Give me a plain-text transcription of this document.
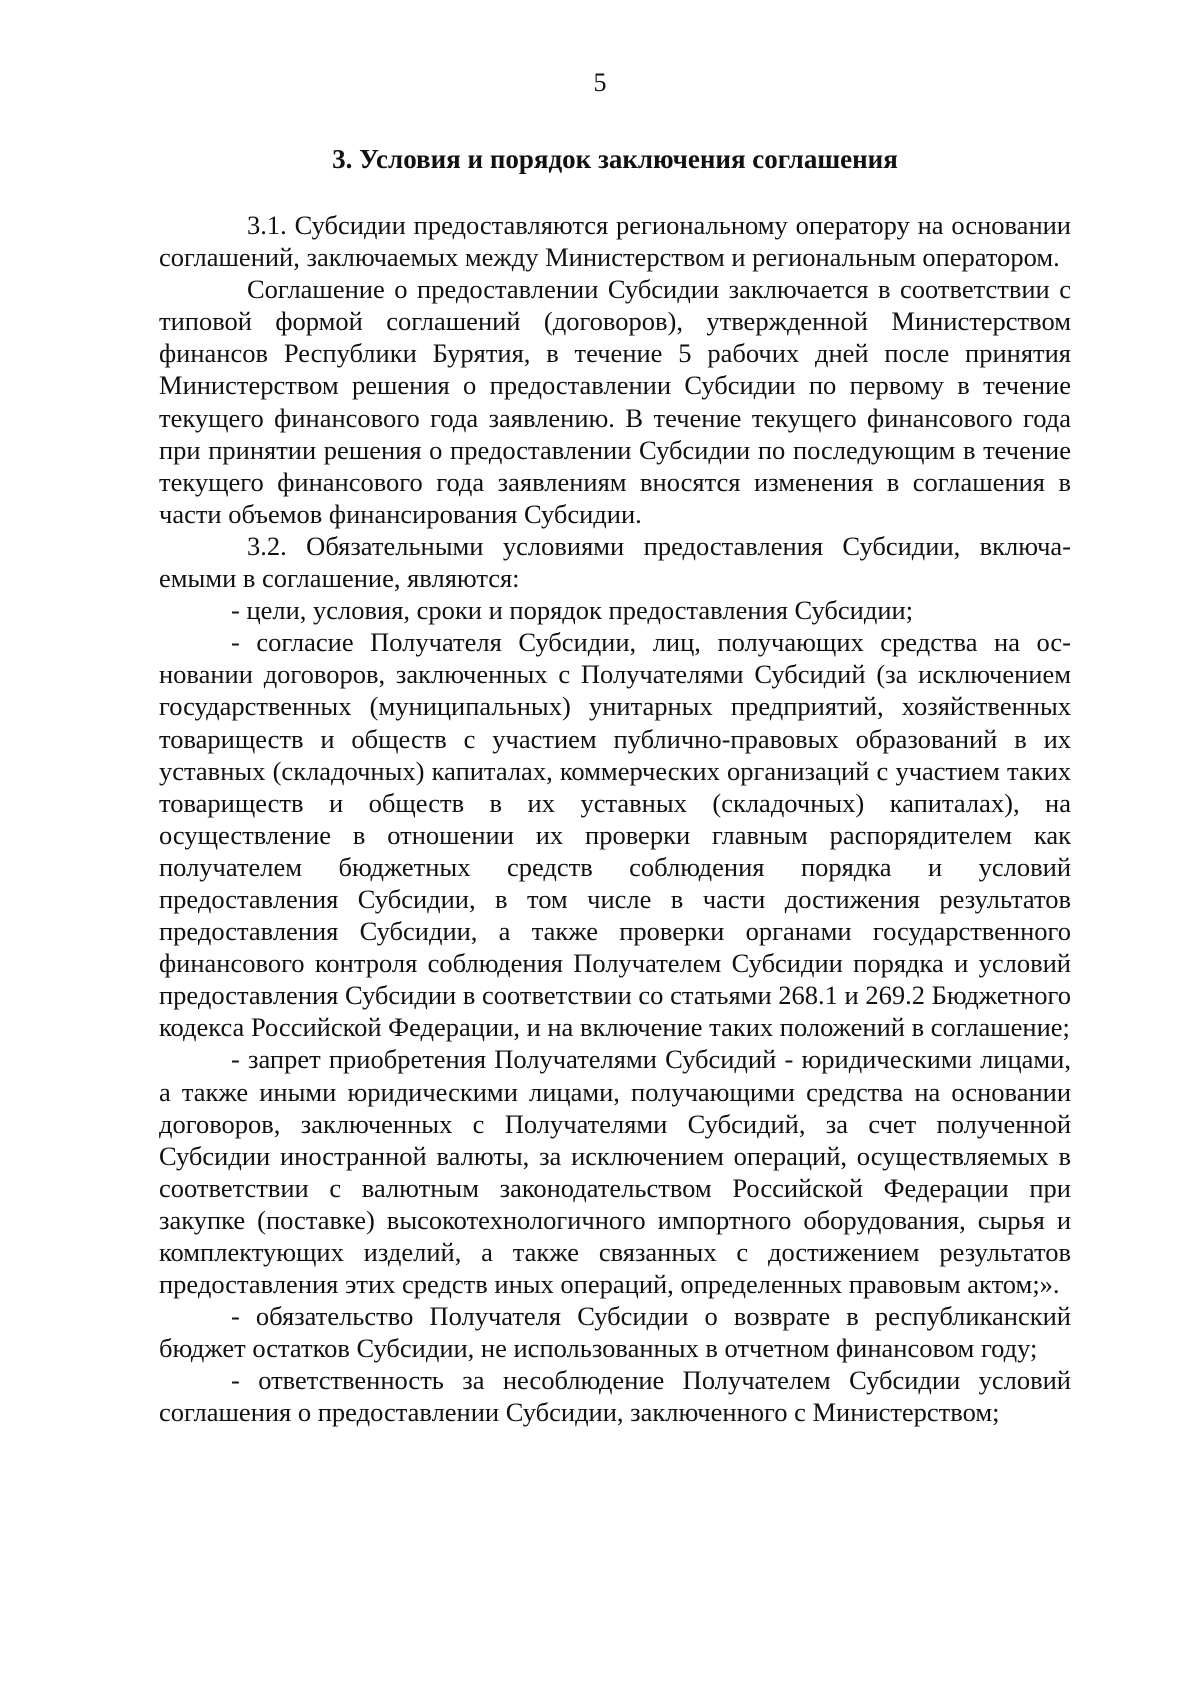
5
3. Условия и порядок заключения соглашения

3.1. Субсидии предоставляются региональному оператору на основании соглашений, заключаемых между Министерством и региональным оператором.

Соглашение о предоставлении Субсидии заключается в соответствии с типовой формой соглашений (договоров), утвержденной Министерством финансов Республики Бурятия, в течение 5 рабочих дней после принятия Министерством решения о предоставлении Субсидии по первому в течение текущего финансового года заявлению. В течение текущего финансового года при принятии решения о предоставлении Субсидии по последующим в течение текущего финансового года заявлениям вносятся изменения в соглашения в части объемов финансирования Субсидии.

3.2. Обязательными условиями предоставления Субсидии, включаемыми в соглашение, являются:

- цели, условия, сроки и порядок предоставления Субсидии;

- согласие Получателя Субсидии, лиц, получающих средства на основании договоров, заключенных с Получателями Субсидий (за исключением государственных (муниципальных) унитарных предприятий, хозяйственных товариществ и обществ с участием публично-правовых образований в их уставных (складочных) капиталах, коммерческих организаций с участием таких товариществ и обществ в их уставных (складочных) капиталах), на осуществление в отношении их проверки главным распорядителем как получателем бюджетных средств соблюдения порядка и условий предоставления Субсидии, в том числе в части достижения результатов предоставления Субсидии, а также проверки органами государственного финансового контроля соблюдения Получателем Субсидии порядка и условий предоставления Субсидии в соответствии со статьями 268.1 и 269.2 Бюджетного кодекса Российской Федерации, и на включение таких положений в соглашение;

- запрет приобретения Получателями Субсидий - юридическими лицами, а также иными юридическими лицами, получающими средства на основании договоров, заключенных с Получателями Субсидий, за счет полученной Субсидии иностранной валюты, за исключением операций, осуществляемых в соответствии с валютным законодательством Российской Федерации при закупке (поставке) высокотехнологичного импортного оборудования, сырья и комплектующих изделий, а также связанных с достижением результатов предоставления этих средств иных операций, определенных правовым актом;».

- обязательство Получателя Субсидии о возврате в республиканский бюджет остатков Субсидии, не использованных в отчетном финансовом году;

- ответственность за несоблюдение Получателем Субсидии условий соглашения о предоставлении Субсидии, заключенного с Министерством;
